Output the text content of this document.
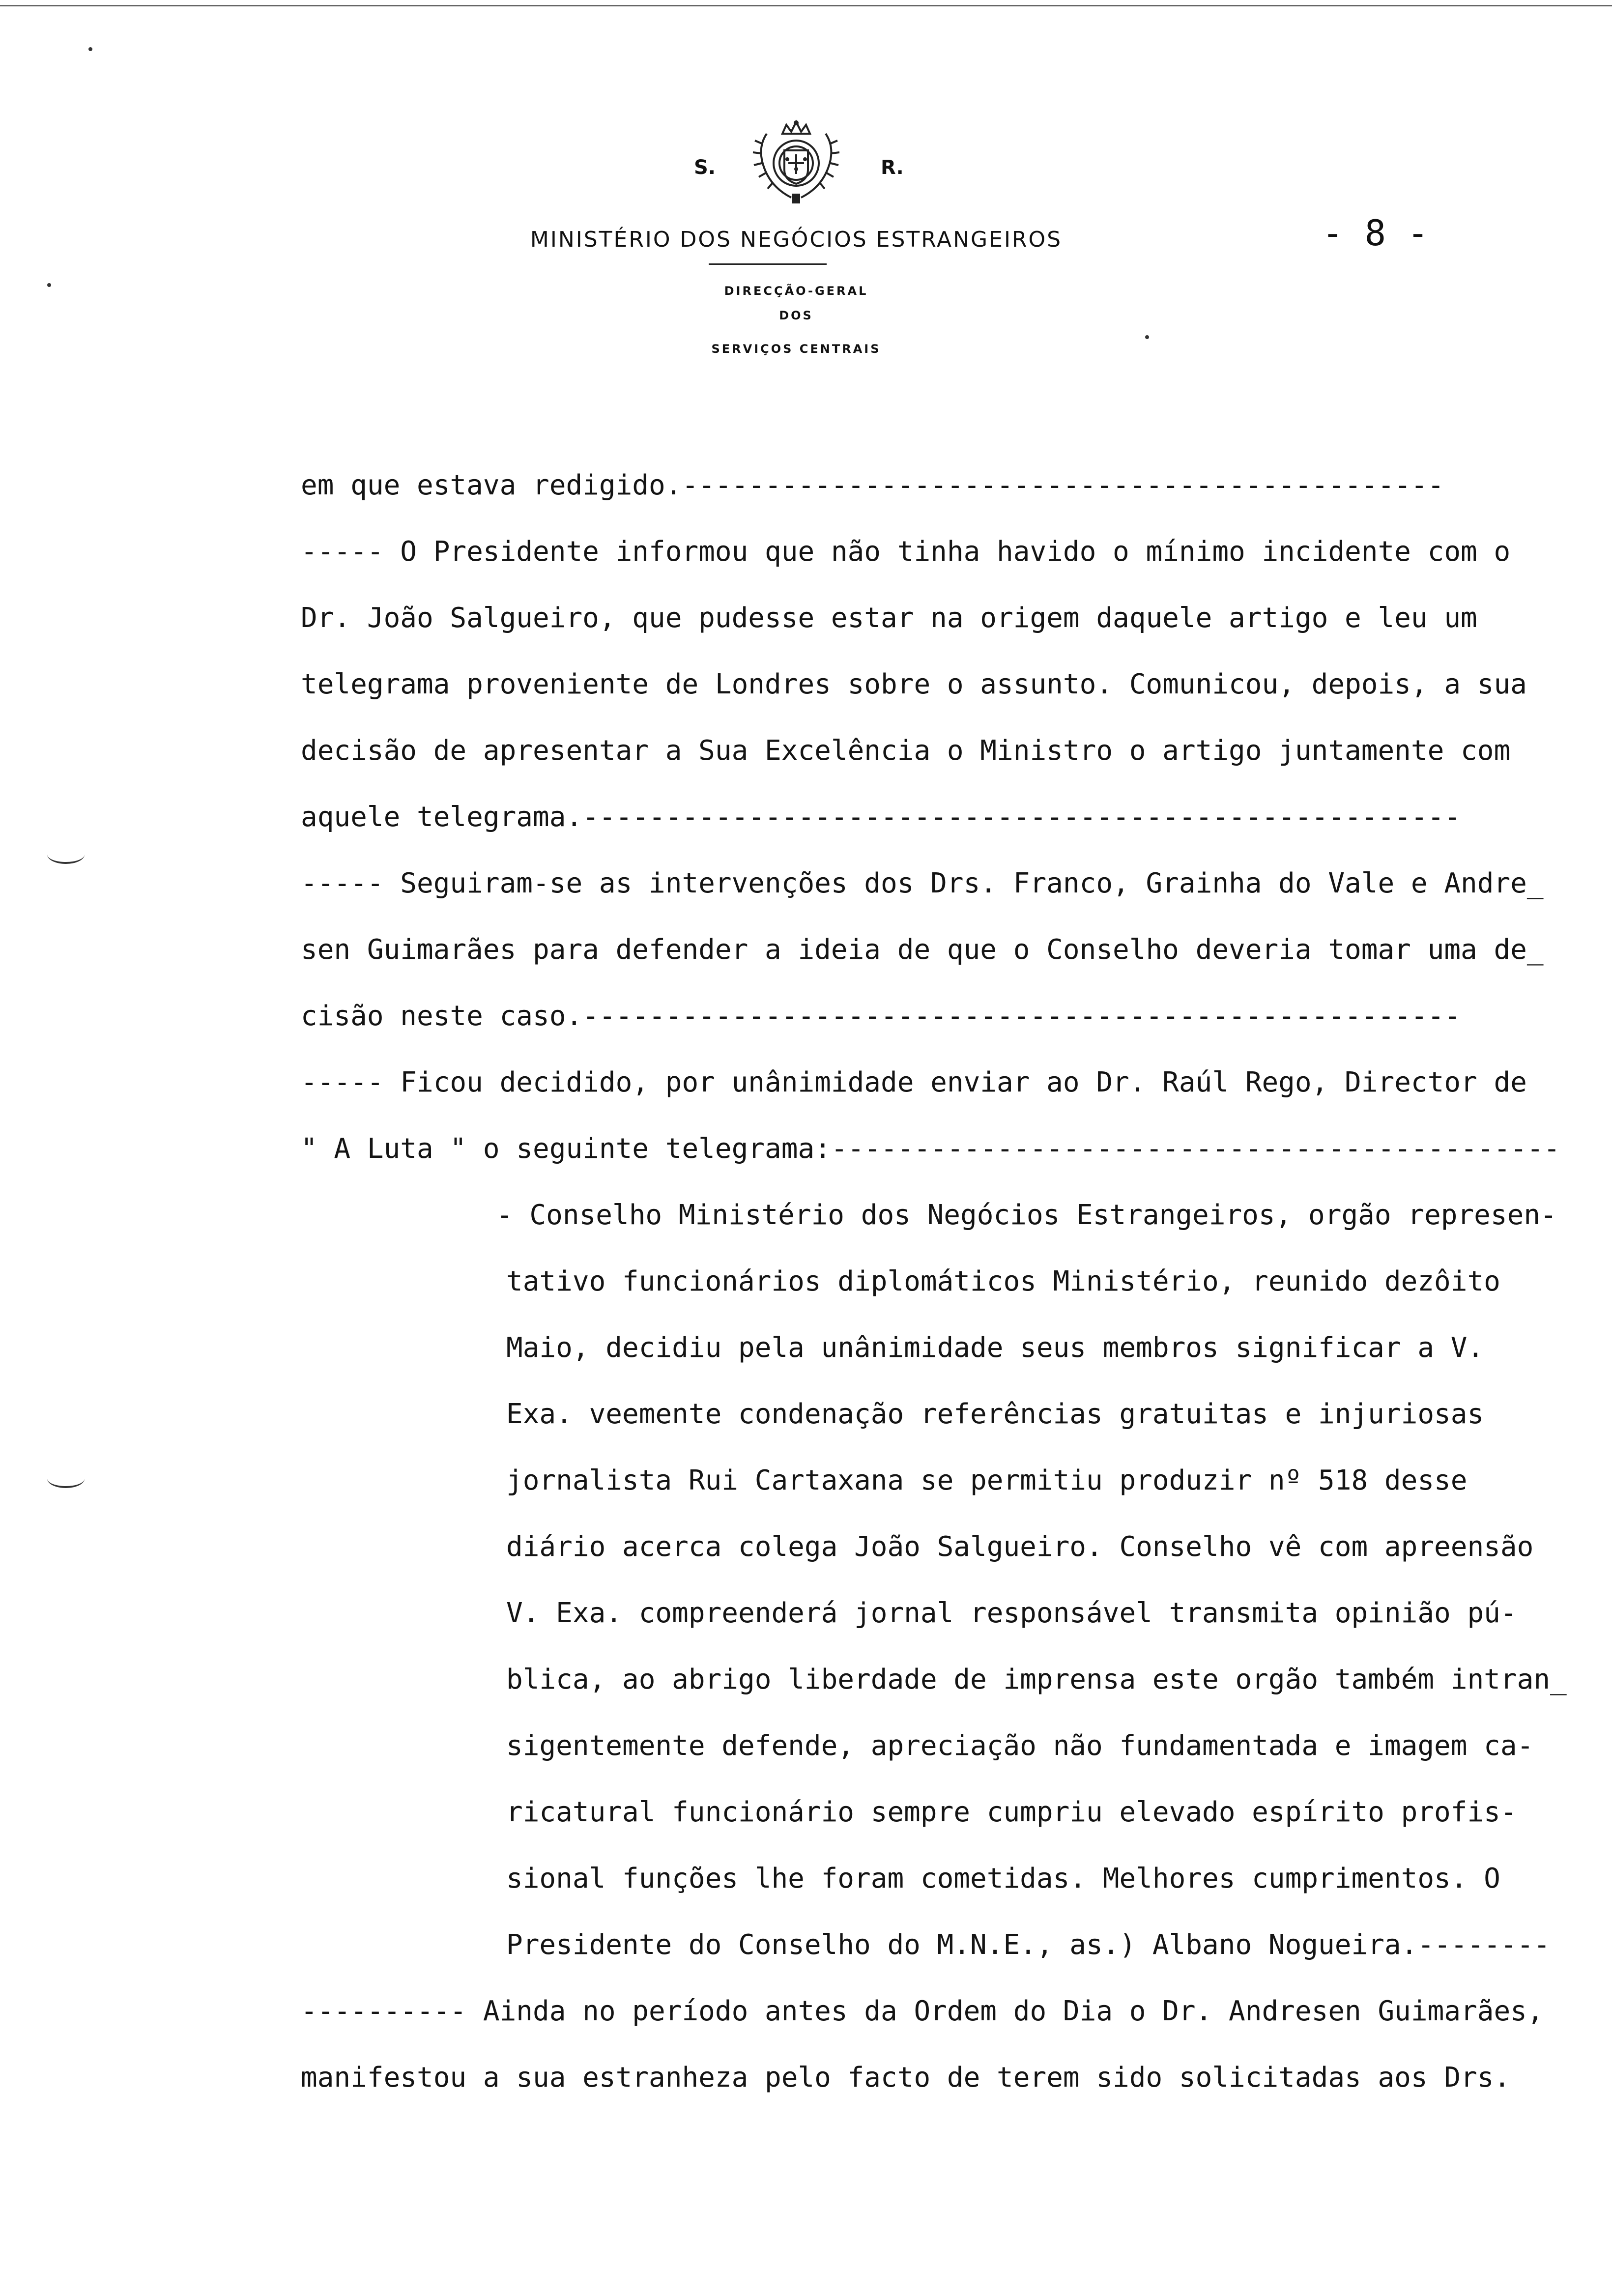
S.	R.
MINISTÉRIO DOS NEGÓCIOS ESTRANGEIROS
DIRECÇÃO-GERAL
DOS
SERVIÇOS CENTRAIS
- 8 -
em que estava redigido.----------------------------------------------
----- O Presidente informou que não tinha havido o mínimo incidente com o
Dr. João Salgueiro, que pudesse estar na origem daquele artigo e leu um
telegrama proveniente de Londres sobre o assunto. Comunicou, depois, a sua
decisão de apresentar a Sua Excelência o Ministro o artigo juntamente com
aquele telegrama.-----------------------------------------------------
----- Seguiram-se as intervenções dos Drs. Franco, Grainha do Vale e Andre_
sen Guimarães para defender a ideia de que o Conselho deveria tomar uma de_
cisão neste caso.-----------------------------------------------------
----- Ficou decidido, por unânimidade enviar ao Dr. Raúl Rego, Director de
" A Luta " o seguinte telegrama:--------------------------------------------
- Conselho Ministério dos Negócios Estrangeiros, orgão represen-
tativo funcionários diplomáticos Ministério, reunido dezôito
Maio, decidiu pela unânimidade seus membros significar a V.
Exa. veemente condenação referências gratuitas e injuriosas
jornalista Rui Cartaxana se permitiu produzir nº 518 desse
diário acerca colega João Salgueiro. Conselho vê com apreensão
V. Exa. compreenderá jornal responsável transmita opinião pú-
blica, ao abrigo liberdade de imprensa este orgão também intran_
sigentemente defende, apreciação não fundamentada e imagem ca-
ricatural funcionário sempre cumpriu elevado espírito profis-
sional funções lhe foram cometidas. Melhores cumprimentos. O
Presidente do Conselho do M.N.E., as.) Albano Nogueira.--------
---------- Ainda no período antes da Ordem do Dia o Dr. Andresen Guimarães,
manifestou a sua estranheza pelo facto de terem sido solicitadas aos Drs.
